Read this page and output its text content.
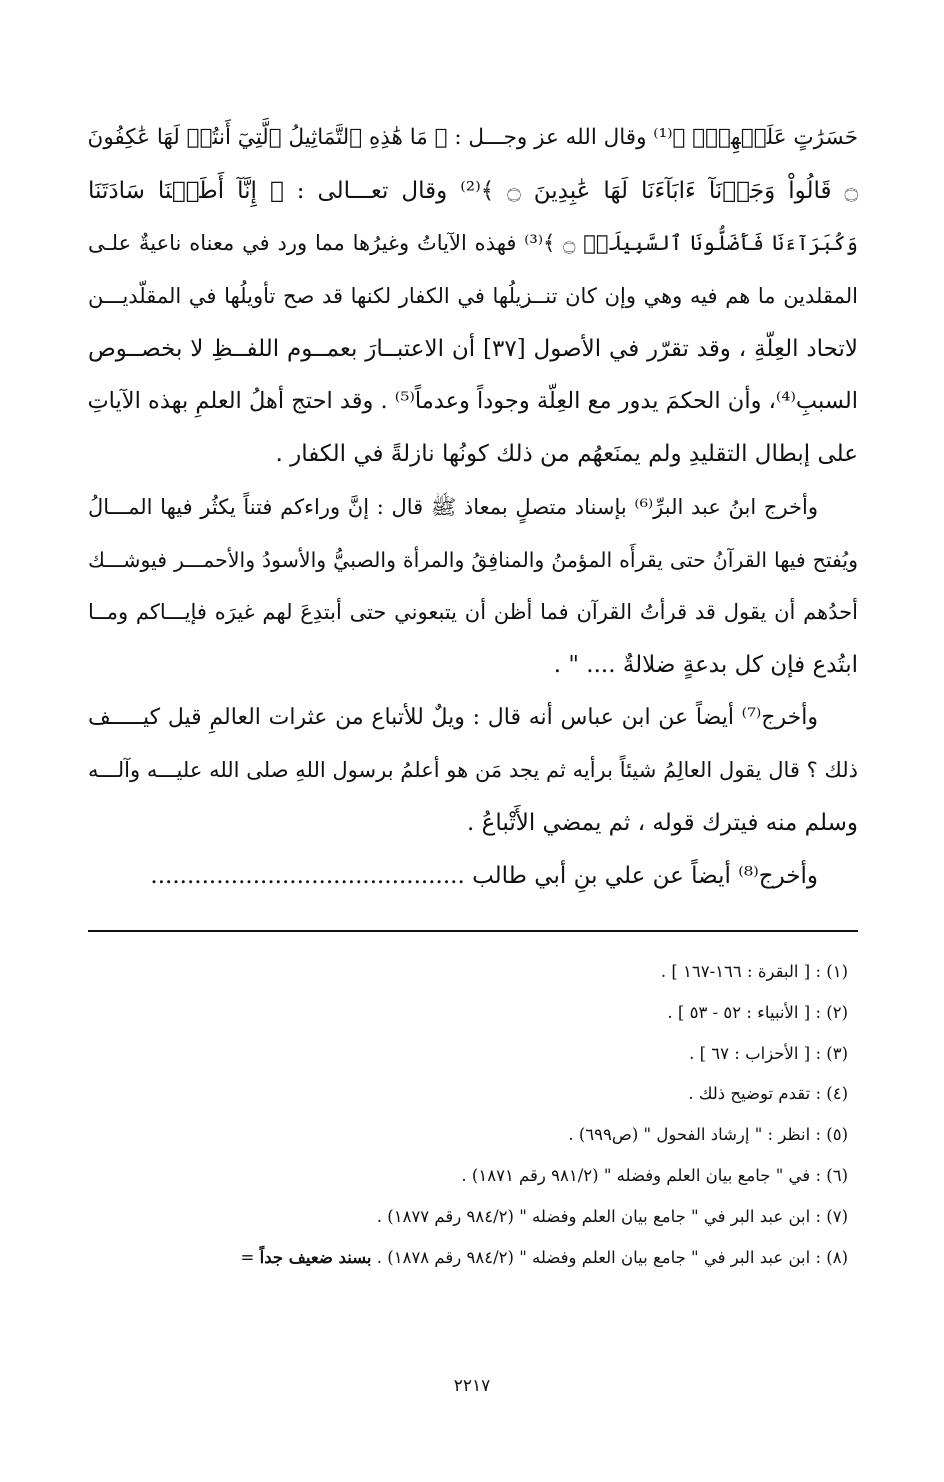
حَسَرَٰتٍ عَلَيۡهِمۡۖ ﴾⁽¹⁾ وقال الله عز وجـــل : ﴿ مَا هَٰذِهِ ٱلتَّمَاثِيلُ ٱلَّتِيٓ أَنتُمۡ لَهَا عَٰكِفُونَ
۝ قَالُواْ وَجَدۡنَآ ءَابَآءَنَا لَهَا عَٰبِدِينَ ۝ ﴾⁽²⁾ وقال تعـــالى : ﴿ إِنَّآ أَطَعۡنَا سَادَتَنَا
وَكُبَرَآءَنَا فَأَضَلُّونَا ٱلسَّبِيلَا۠ ۝ ﴾⁽³⁾ فهذه الآياتُ وغيرُها مما ورد في معناه ناعيةٌ علـى
المقلدين ما هم فيه وهي وإن كان تنــزيلُها في الكفار لكنها قد صح تأويلُها في المقلّديـــن
لاتحاد العِلّةِ ، وقد تقرّر في الأصول [٣٧] أن الاعتبــارَ بعمــوم اللفــظِ لا بخصــوص
السببِ⁽⁴⁾، وأن الحكمَ يدور مع العِلّة وجوداً وعدماً⁽⁵⁾ . وقد احتج أهلُ العلمِ بهذه الآياتِ
على إبطال التقليدِ ولم يمنَعهُم من ذلك كونُها نازلةً في الكفار .
وأخرج ابنُ عبد البرِّ⁽⁶⁾ بإسناد متصلٍ بمعاذ ﷺ قال : إنَّ وراءكم فتناً يكثُر فيها المـــالُ
ويُفتح فيها القرآنُ حتى يقرأَه المؤمنُ والمنافِقُ والمرأة والصبيُّ والأسودُ والأحمـــر فيوشـــك
أحدُهم أن يقول قد قرأتُ القرآن فما أظن أن يتبعوني حتى أبتدِعَ لهم غيرَه فإيـــاكم ومــا
ابتُدع فإن كل بدعةٍ ضلالةٌ .... " .
وأخرج⁽⁷⁾ أيضاً عن ابن عباس أنه قال : ويلٌ للأتباع من عثرات العالمِ قيل كيـــــف
ذلك ؟ قال يقول العالِمُ شيئاً برأيه ثم يجد مَن هو أعلمُ برسول اللهِ صلى الله عليـــه وآلـــه
وسلم منه فيترك قوله ، ثم يمضي الأَتْباعُ .
وأخرج⁽⁸⁾ أيضاً عن علي بنِ أبي طالب ...........................................
(١) : [ البقرة : ١٦٦-١٦٧ ] .
(٢) : [ الأنبياء : ٥٢ - ٥٣ ] .
(٣) : [ الأحزاب : ٦٧ ] .
(٤) : تقدم توضيح ذلك .
(٥) : انظر : " إرشاد الفحول " (ص٦٩٩) .
(٦) : في " جامع بيان العلم وفضله " (٩٨١/٢ رقم ١٨٧١) .
(٧) : ابن عبد البر في " جامع بيان العلم وفضله " (٩٨٤/٢ رقم ١٨٧٧) .
(٨) : ابن عبد البر في " جامع بيان العلم وفضله " (٩٨٤/٢ رقم ١٨٧٨) . بسند ضعيف جداً =
٢٢١٧
